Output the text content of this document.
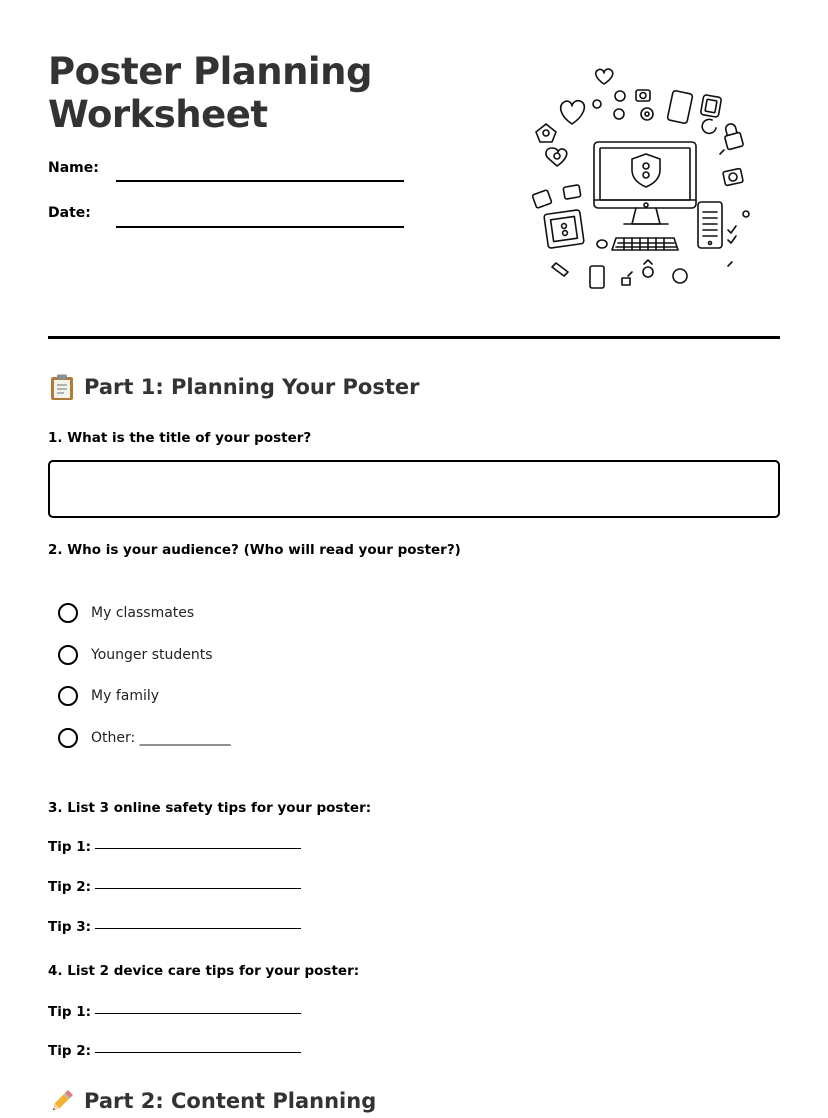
Poster Planning
Worksheet
Name:
Date:
Part 1: Planning Your Poster
1. What is the title of your poster?
2. Who is your audience? (Who will read your poster?)
My classmates
Younger students
My family
Other: _____________
3. List 3 online safety tips for your poster:
Tip 1:
Tip 2:
Tip 3:
4. List 2 device care tips for your poster:
Tip 1:
Tip 2:
Part 2: Content Planning
